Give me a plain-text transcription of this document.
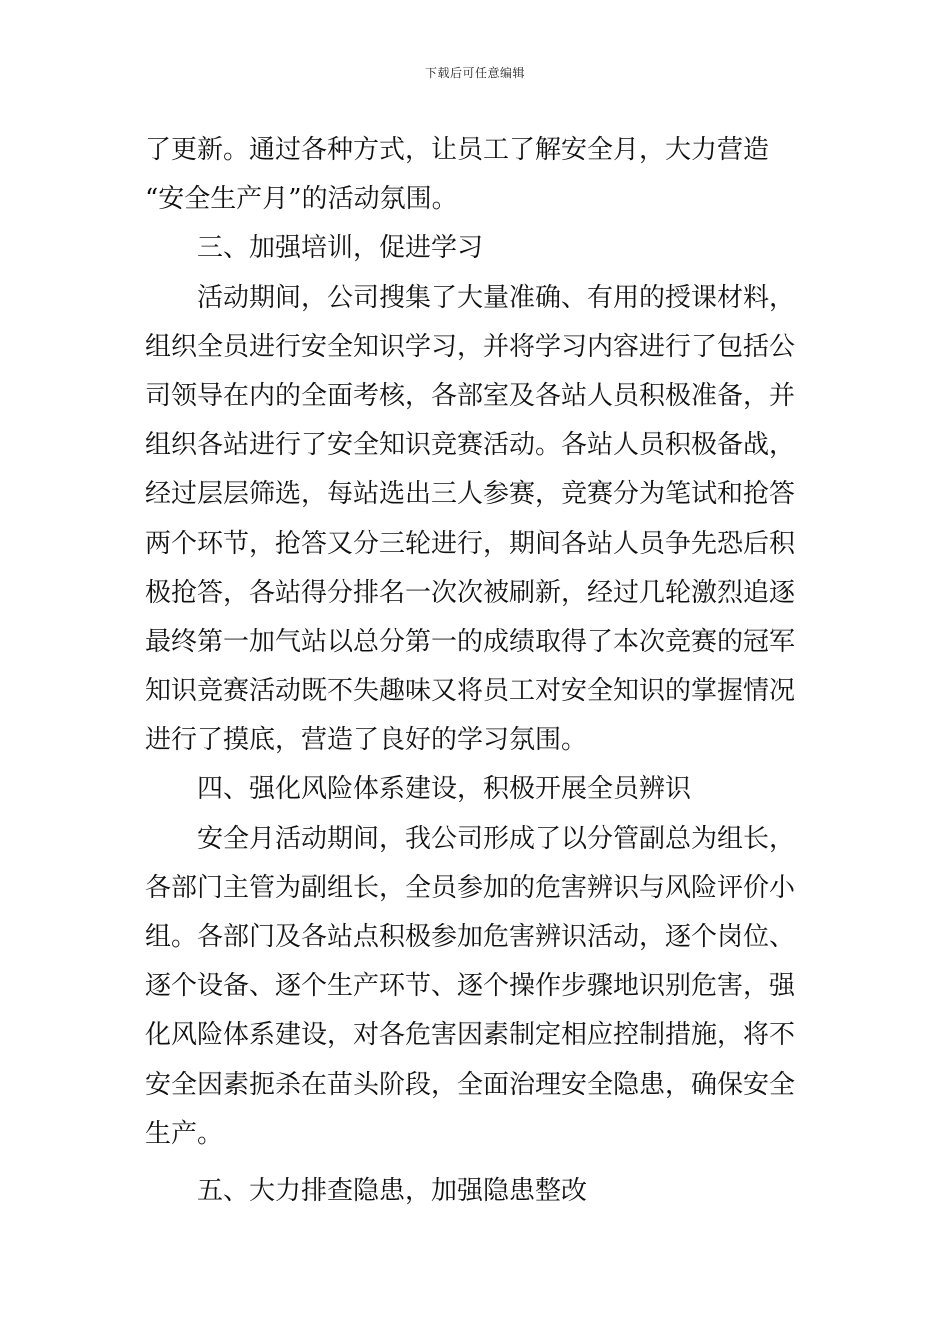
下载后可任意编辑
了更新。通过各种方式，让员工了解安全月，大力营造
“安全生产月”的活动氛围。
三、加强培训，促进学习
活动期间，公司搜集了大量准确、有用的授课材料，
组织全员进行安全知识学习，并将学习内容进行了包括公
司领导在内的全面考核，各部室及各站人员积极准备，并
组织各站进行了安全知识竞赛活动。各站人员积极备战，
经过层层筛选，每站选出三人参赛，竞赛分为笔试和抢答
两个环节，抢答又分三轮进行，期间各站人员争先恐后积
极抢答，各站得分排名一次次被刷新，经过几轮激烈追逐
最终第一加气站以总分第一的成绩取得了本次竞赛的冠军
知识竞赛活动既不失趣味又将员工对安全知识的掌握情况
进行了摸底，营造了良好的学习氛围。
四、强化风险体系建设，积极开展全员辨识
安全月活动期间，我公司形成了以分管副总为组长，
各部门主管为副组长，全员参加的危害辨识与风险评价小
组。各部门及各站点积极参加危害辨识活动，逐个岗位、
逐个设备、逐个生产环节、逐个操作步骤地识别危害，强
化风险体系建设，对各危害因素制定相应控制措施，将不
安全因素扼杀在苗头阶段，全面治理安全隐患，确保安全
生产。
五、大力排查隐患，加强隐患整改
